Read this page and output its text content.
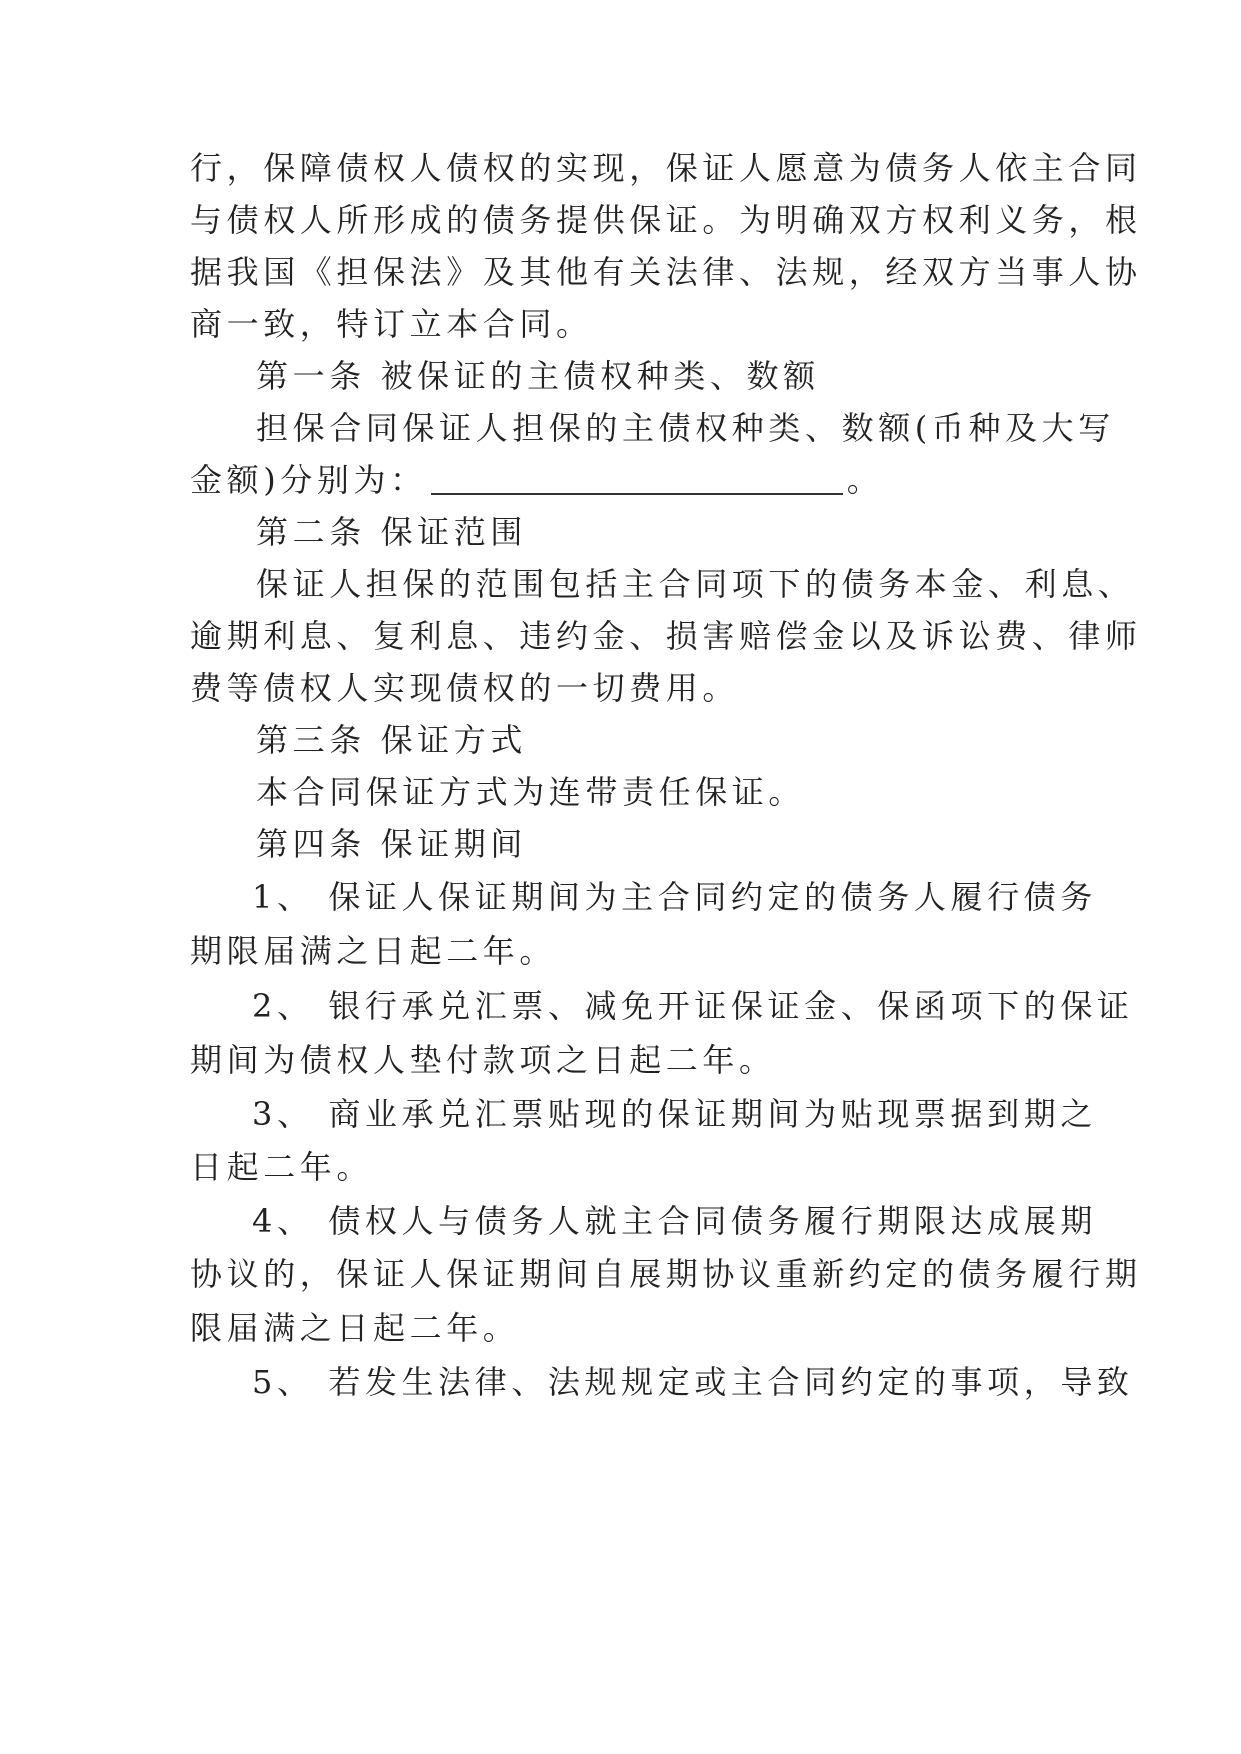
行，保障债权人债权的实现，保证人愿意为债务人依主合同
与债权人所形成的债务提供保证。为明确双方权利义务，根
据我国《担保法》及其他有关法律、法规，经双方当事人协
商一致，特订立本合同。
第一条 被保证的主债权种类、数额
担保合同保证人担保的主债权种类、数额(币种及大写
金额)分别为：	。
第二条 保证范围
保证人担保的范围包括主合同项下的债务本金、利息、
逾期利息、复利息、违约金、损害赔偿金以及诉讼费、律师
费等债权人实现债权的一切费用。
第三条 保证方式
本合同保证方式为连带责任保证。
第四条 保证期间
1、 保证人保证期间为主合同约定的债务人履行债务
期限届满之日起二年。
2、 银行承兑汇票、减免开证保证金、保函项下的保证
期间为债权人垫付款项之日起二年。
3、 商业承兑汇票贴现的保证期间为贴现票据到期之
日起二年。
4、 债权人与债务人就主合同债务履行期限达成展期
协议的，保证人保证期间自展期协议重新约定的债务履行期
限届满之日起二年。
5、 若发生法律、法规规定或主合同约定的事项，导致
